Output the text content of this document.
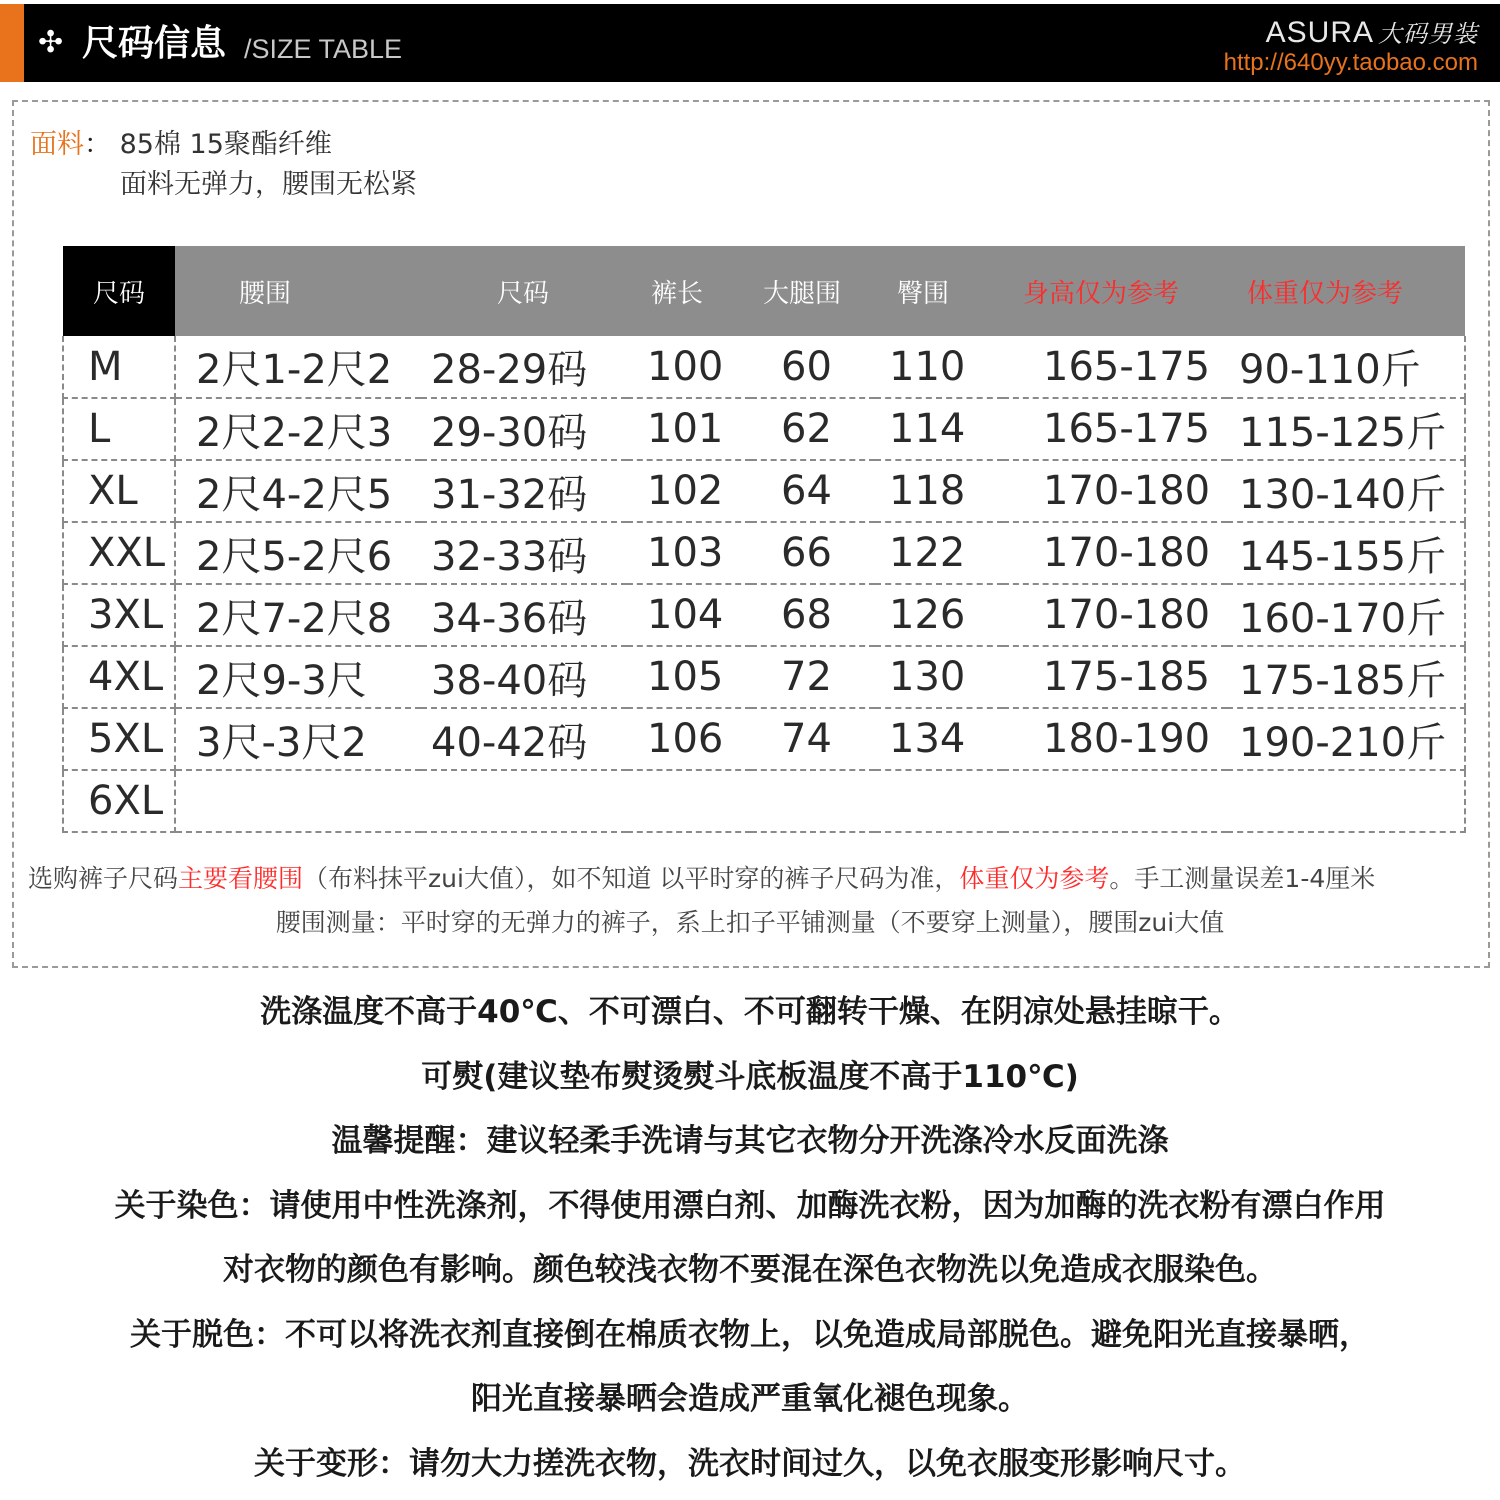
✣ 尺码信息 /SIZE TABLE	ASURA 大码男装
http://640yy.taobao.com
面料： 85棉 15聚酯纤维
面料无弹力，腰围无松紧
尺码	腰围	尺码	裤长	大腿围	臀围	身高仅为参考	体重仅为参考
M	2尺1-2尺2	28-29码	100	60	110	165-175	90-110斤
L	2尺2-2尺3	29-30码	101	62	114	165-175	115-125斤
XL	2尺4-2尺5	31-32码	102	64	118	170-180	130-140斤
XXL	2尺5-2尺6	32-33码	103	66	122	170-180	145-155斤
3XL	2尺7-2尺8	34-36码	104	68	126	170-180	160-170斤
4XL	2尺9-3尺	38-40码	105	72	130	175-185	175-185斤
5XL	3尺-3尺2	40-42码	106	74	134	180-190	190-210斤
6XL							
选购裤子尺码主要看腰围（布料抹平zui大值），如不知道 以平时穿的裤子尺码为准，体重仅为参考。手工测量误差1-4厘米
腰围测量：平时穿的无弹力的裤子，系上扣子平铺测量（不要穿上测量），腰围zui大值
洗涤温度不高于40℃、不可漂白、不可翻转干燥、在阴凉处悬挂晾干。
可熨(建议垫布熨烫熨斗底板温度不高于110℃)
温馨提醒：建议轻柔手洗请与其它衣物分开洗涤冷水反面洗涤
关于染色：请使用中性洗涤剂，不得使用漂白剂、加酶洗衣粉，因为加酶的洗衣粉有漂白作用
对衣物的颜色有影响。颜色较浅衣物不要混在深色衣物洗以免造成衣服染色。
关于脱色：不可以将洗衣剂直接倒在棉质衣物上，以免造成局部脱色。避免阳光直接暴晒，
阳光直接暴晒会造成严重氧化褪色现象。
关于变形：请勿大力搓洗衣物，洗衣时间过久，以免衣服变形影响尺寸。
